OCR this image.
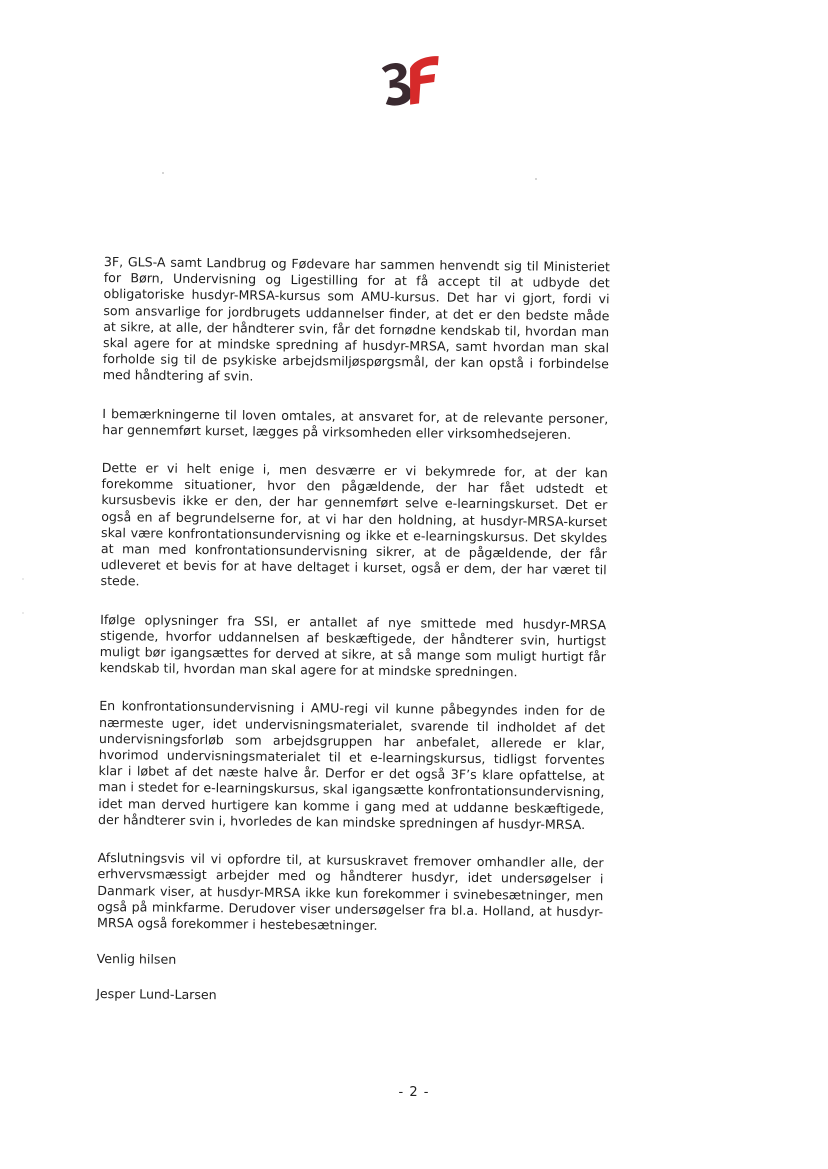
3F, GLS-A samt Landbrug og Fødevare har sammen henvendt sig til Ministeriet for Børn, Undervisning og Ligestilling for at få accept til at udbyde det obligatoriske husdyr-MRSA-kursus som AMU-kursus. Det har vi gjort, fordi vi som ansvarlige for jordbrugets uddannelser finder, at det er den bedste måde at sikre, at alle, der håndterer svin, får det fornødne kendskab til, hvordan man skal agere for at mindske spredning af husdyr-MRSA, samt hvordan man skal forholde sig til de psykiske arbejdsmiljøspørgsmål, der kan opstå i forbindelse med håndtering af svin.

I bemærkningerne til loven omtales, at ansvaret for, at de relevante personer, har gennemført kurset, lægges på virksomheden eller virksomhedsejeren.

Dette er vi helt enige i, men desværre er vi bekymrede for, at der kan forekomme situationer, hvor den pågældende, der har fået udstedt et kursusbevis ikke er den, der har gennemført selve e-learningskurset. Det er også en af begrundelserne for, at vi har den holdning, at husdyr-MRSA-kurset skal være konfrontationsundervisning og ikke et e-learningskursus. Det skyldes at man med konfrontationsundervisning sikrer, at de pågældende, der får udleveret et bevis for at have deltaget i kurset, også er dem, der har været til stede.

Ifølge oplysninger fra SSI, er antallet af nye smittede med husdyr-MRSA stigende, hvorfor uddannelsen af beskæftigede, der håndterer svin, hurtigst muligt bør igangsættes for derved at sikre, at så mange som muligt hurtigt får kendskab til, hvordan man skal agere for at mindske spredningen.

En konfrontationsundervisning i AMU-regi vil kunne påbegyndes inden for de nærmeste uger, idet undervisningsmaterialet, svarende til indholdet af det undervisningsforløb som arbejdsgruppen har anbefalet, allerede er klar, hvorimod undervisningsmaterialet til et e-learningskursus, tidligst forventes klar i løbet af det næste halve år. Derfor er det også 3F’s klare opfattelse, at man i stedet for e-learningskursus, skal igangsætte konfrontationsundervisning, idet man derved hurtigere kan komme i gang med at uddanne beskæftigede, der håndterer svin i, hvorledes de kan mindske spredningen af husdyr-MRSA.

Afslutningsvis vil vi opfordre til, at kursuskravet fremover omhandler alle, der erhvervsmæssigt arbejder med og håndterer husdyr, idet undersøgelser i Danmark viser, at husdyr-MRSA ikke kun forekommer i svinebesætninger, men også på minkfarme. Derudover viser undersøgelser fra bl.a. Holland, at husdyr-MRSA også forekommer i hestebesætninger.

Venlig hilsen

Jesper Lund-Larsen

- 2 -
